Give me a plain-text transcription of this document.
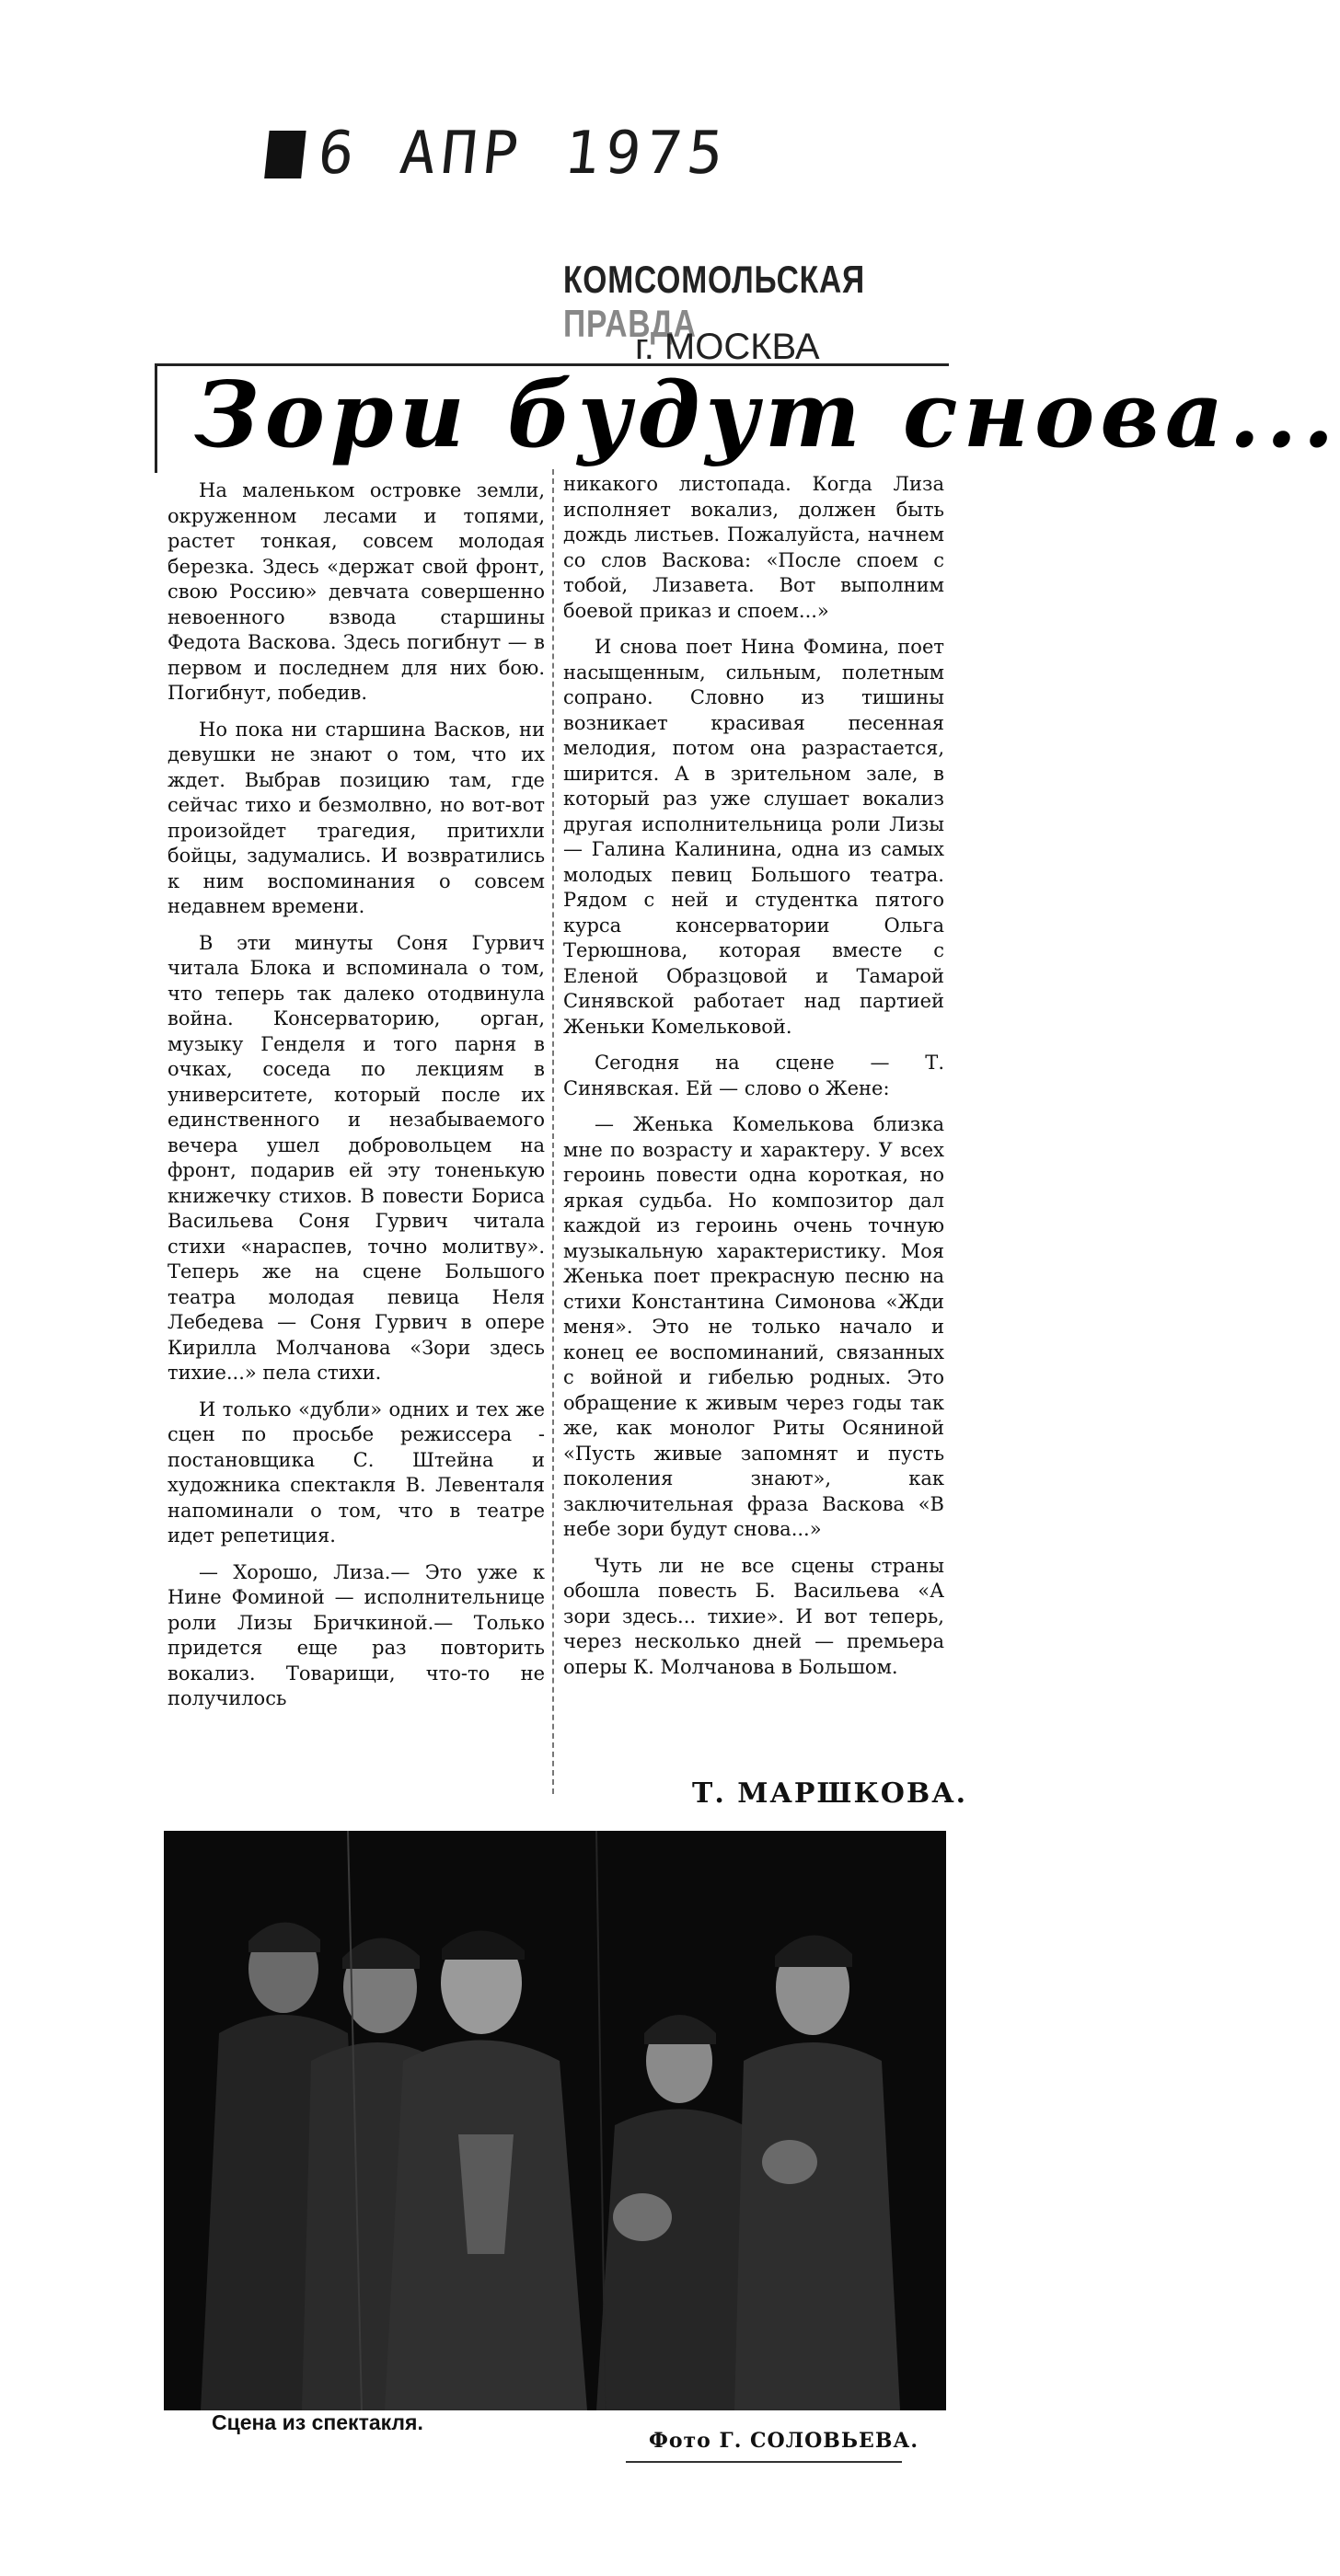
6 АПР 1975
КОМСОМОЛЬСКАЯ ПРАВДА
г. МОСКВА
Зори будут снова...

На маленьком островке земли, окруженном лесами и топями, растет тонкая, совсем молодая березка. Здесь «держат свой фронт, свою Россию» девчата совершенно невоенного взвода старшины Федота Васкова. Здесь погибнут — в первом и последнем для них бою. Погибнут, победив.

Но пока ни старшина Васков, ни девушки не знают о том, что их ждет. Выбрав позицию там, где сейчас тихо и безмолвно, но вот-вот произойдет трагедия, притихли бойцы, задумались. И возвратились к ним воспоминания о совсем недавнем времени.

В эти минуты Соня Гурвич читала Блока и вспоминала о том, что теперь так далеко отодвинула война. Консерваторию, орган, музыку Генделя и того парня в очках, соседа по лекциям в университете, который после их единственного и незабываемого вечера ушел добровольцем на фронт, подарив ей эту тоненькую книжечку стихов. В повести Бориса Васильева Соня Гурвич читала стихи «нараспев, точно молитву». Теперь же на сцене Большого театра молодая певица Неля Лебедева — Соня Гурвич в опере Кирилла Молчанова «Зори здесь тихие...» пела стихи.

И только «дубли» одних и тех же сцен по просьбе режиссера - постановщика С. Штейна и художника спектакля В. Левенталя напоминали о том, что в театре идет репетиция.

— Хорошо, Лиза.— Это уже к Нине Фоминой — исполнительнице роли Лизы Бричкиной.— Только придется еще раз повторить вокализ. Товарищи, что-то не получилось

никакого листопада. Когда Лиза исполняет вокализ, должен быть дождь листьев. Пожалуйста, начнем со слов Васкова: «После споем с тобой, Лизавета. Вот выполним боевой приказ и споем...»

И снова поет Нина Фомина, поет насыщенным, сильным, полетным сопрано. Словно из тишины возникает красивая песенная мелодия, потом она разрастается, ширится. А в зрительном зале, в который раз уже слушает вокализ другая исполнительница роли Лизы — Галина Калинина, одна из самых молодых певиц Большого театра. Рядом с ней и студентка пятого курса консерватории Ольга Терюшнова, которая вместе с Еленой Образцовой и Тамарой Синявской работает над партией Женьки Комельковой.

Сегодня на сцене — Т. Синявская. Ей — слово о Жене:

— Женька Комелькова близка мне по возрасту и характеру. У всех героинь повести одна короткая, но яркая судьба. Но композитор дал каждой из героинь очень точную музыкальную характеристику. Моя Женька поет прекрасную песню на стихи Константина Симонова «Жди меня». Это не только начало и конец ее воспоминаний, связанных с войной и гибелью родных. Это обращение к живым через годы так же, как монолог Риты Осяниной «Пусть живые запомнят и пусть поколения знают», как заключительная фраза Васкова «В небе зори будут снова...»

Чуть ли не все сцены страны обошла повесть Б. Васильева «А зори здесь... тихие». И вот теперь, через несколько дней — премьера оперы К. Молчанова в Большом.

Т. МАРШКОВА.
Сцена из спектакля.
Фото Г. СОЛОВЬЕВА.
